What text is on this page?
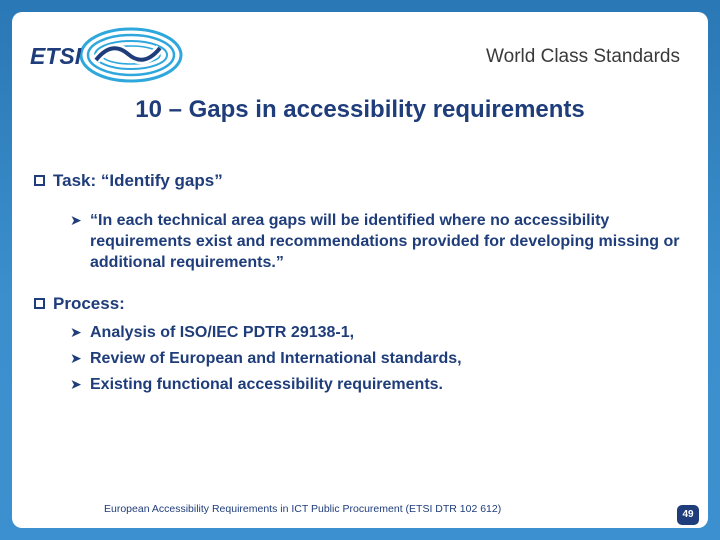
ETSI	World Class Standards
10 – Gaps in accessibility requirements
Task: “Identify gaps”
➤ “In each technical area gaps will be identified where no accessibility requirements exist and recommendations provided for developing missing or additional requirements.”
Process:
➤ Analysis of ISO/IEC PDTR 29138-1,
➤ Review of European and International standards,
➤ Existing functional accessibility requirements.
European Accessibility Requirements in ICT Public Procurement (ETSI DTR 102 612)	49
